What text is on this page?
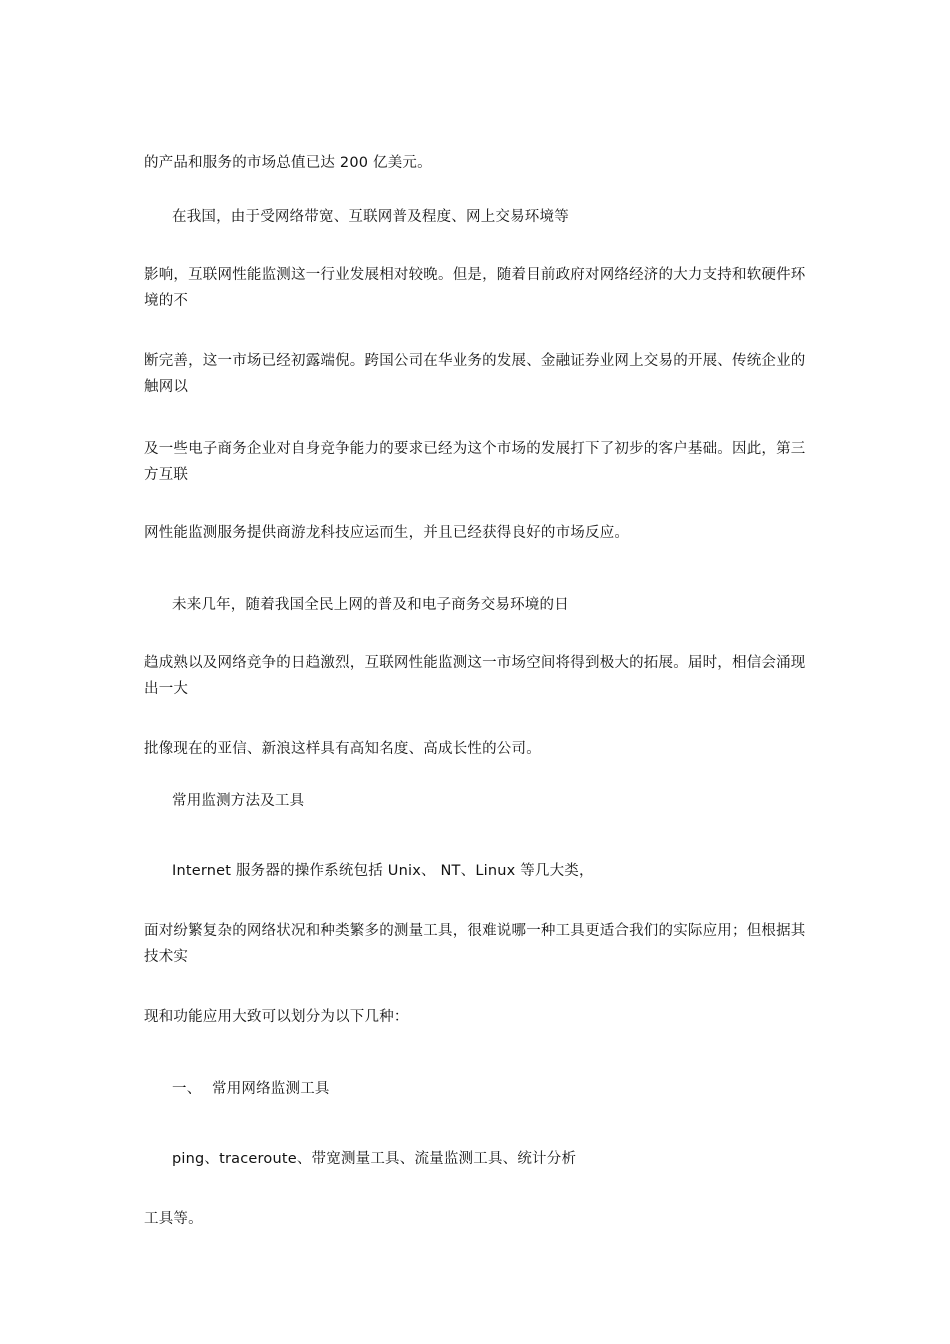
的产品和服务的市场总值已达 200 亿美元。
在我国，由于受网络带宽、互联网普及程度、网上交易环境等
影响，互联网性能监测这一行业发展相对较晚。但是，随着目前政府对网络经济的大力支持和软硬件环境的不
断完善，这一市场已经初露端倪。跨国公司在华业务的发展、金融证券业网上交易的开展、传统企业的触网以
及一些电子商务企业对自身竞争能力的要求已经为这个市场的发展打下了初步的客户基础。因此，第三方互联
网性能监测服务提供商游龙科技应运而生，并且已经获得良好的市场反应。
未来几年，随着我国全民上网的普及和电子商务交易环境的日
趋成熟以及网络竞争的日趋激烈，互联网性能监测这一市场空间将得到极大的拓展。届时，相信会涌现出一大
批像现在的亚信、新浪这样具有高知名度、高成长性的公司。
常用监测方法及工具
Internet 服务器的操作系统包括 Unix、 NT、Linux 等几大类，
面对纷繁复杂的网络状况和种类繁多的测量工具，很难说哪一种工具更适合我们的实际应用；但根据其技术实
现和功能应用大致可以划分为以下几种：
一、 常用网络监测工具
ping、traceroute、带宽测量工具、流量监测工具、统计分析
工具等。
